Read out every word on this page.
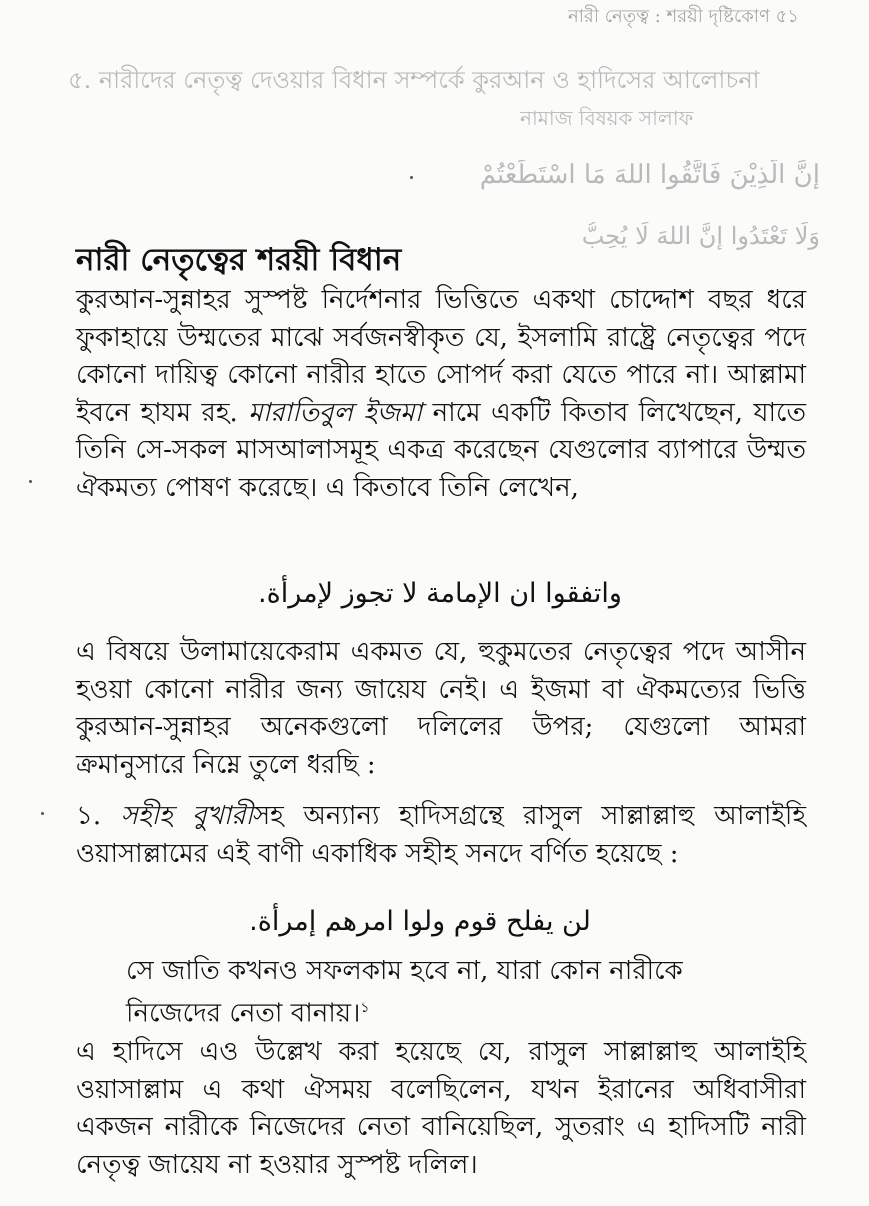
নারী নেতৃত্ব : শরয়ী দৃষ্টিকোণ ৫১
৫. নারীদের নেতৃত্ব দেওয়ার বিধান সম্পর্কে কুরআন ও হাদিসের আলোচনা
নামাজ বিষয়ক সালাফ
إِنَّ الَّذِيْنَ فَاتَّقُوا اللهَ مَا اسْتَطَعْتُمْ
وَلَا تَعْتَدُوا إِنَّ اللهَ لَا يُحِبُّ
নারী নেতৃত্বের শরয়ী বিধান

কুরআন-সুন্নাহর সুস্পষ্ট নির্দেশনার ভিত্তিতে একথা চোদ্দোশ বছর ধরে ফুকাহায়ে উম্মতের মাঝে সর্বজনস্বীকৃত যে, ইসলামি রাষ্ট্রে নেতৃত্বের পদে কোনো দায়িত্ব কোনো নারীর হাতে সোপর্দ করা যেতে পারে না। আল্লামা ইবনে হাযম রহ. মারাতিবুল ইজমা নামে একটি কিতাব লিখেছেন, যাতে তিনি সে-সকল মাসআলাসমূহ একত্র করেছেন যেগুলোর ব্যাপারে উম্মত ঐকমত্য পোষণ করেছে। এ কিতাবে তিনি লেখেন,

واتفقوا ان الإمامة لا تجوز لإمرأة.

এ বিষয়ে উলামায়েকেরাম একমত যে, হুকুমতের নেতৃত্বের পদে আসীন হওয়া কোনো নারীর জন্য জায়েয নেই। এ ইজমা বা ঐকমত্যের ভিত্তি কুরআন-সুন্নাহর অনেকগুলো দলিলের উপর; যেগুলো আমরা ক্রমানুসারে নিম্নে তুলে ধরছি :

১. সহীহ বুখারীসহ অন্যান্য হাদিসগ্রন্থে রাসুল সাল্লাল্লাহু আলাইহি ওয়াসাল্লামের এই বাণী একাধিক সহীহ সনদে বর্ণিত হয়েছে :

لن يفلح قوم ولوا امرهم إمرأة.

সে জাতি কখনও সফলকাম হবে না, যারা কোন নারীকে নিজেদের নেতা বানায়।$^১$

এ হাদিসে এও উল্লেখ করা হয়েছে যে, রাসুল সাল্লাল্লাহু আলাইহি ওয়াসাল্লাম এ কথা ঐসময় বলেছিলেন, যখন ইরানের অধিবাসীরা একজন নারীকে নিজেদের নেতা বানিয়েছিল, সুতরাং এ হাদিসটি নারী নেতৃত্ব জায়েয না হওয়ার সুস্পষ্ট দলিল।
